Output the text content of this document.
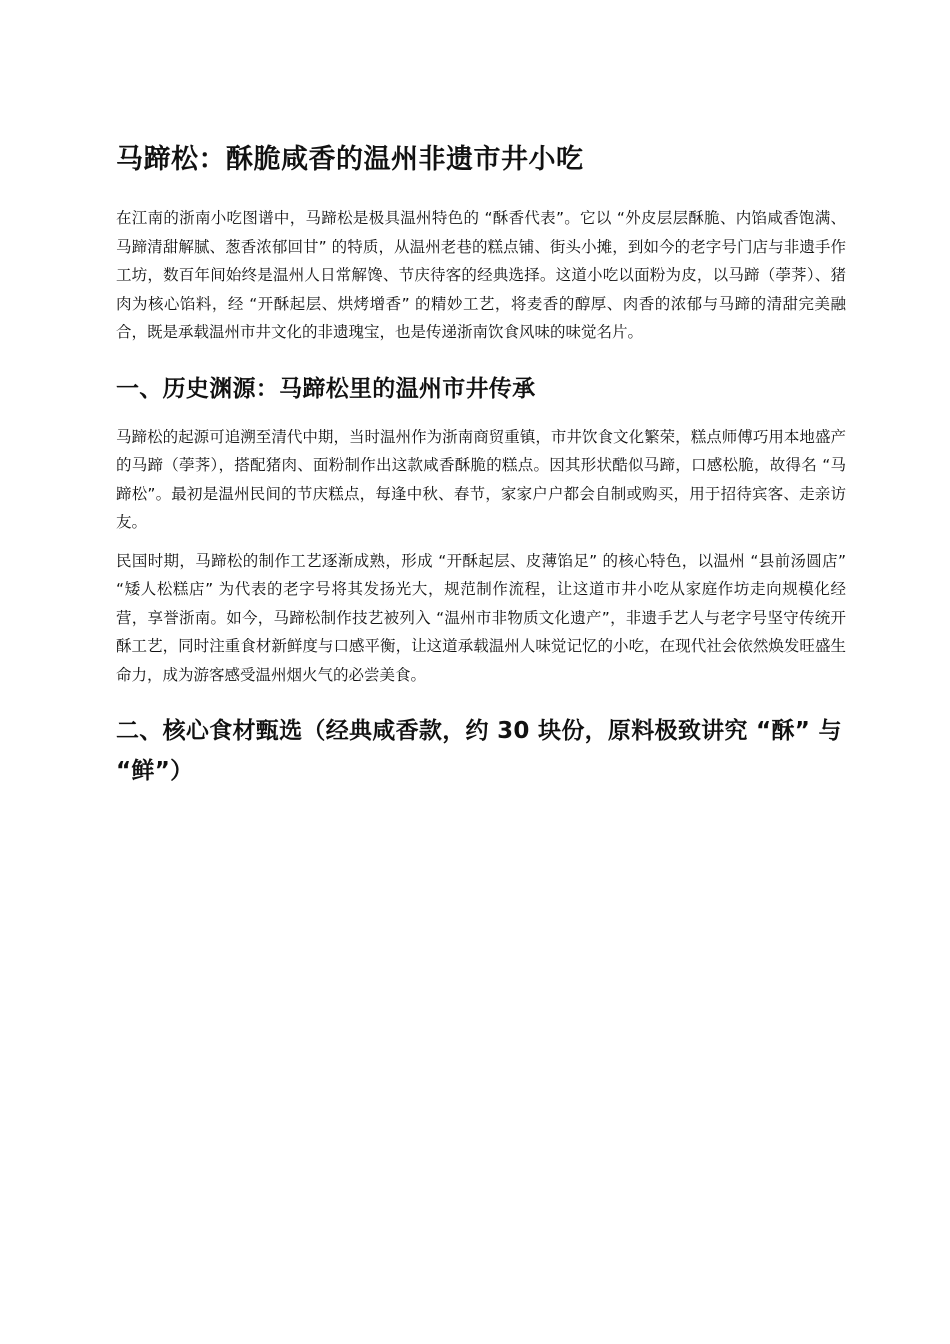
马蹄松：酥脆咸香的温州非遗市井小吃

在江南的浙南小吃图谱中，马蹄松是极具温州特色的 “酥香代表”。它以 “外皮层层酥脆、内馅咸香饱满、马蹄清甜解腻、葱香浓郁回甘” 的特质，从温州老巷的糕点铺、街头小摊，到如今的老字号门店与非遗手作工坊，数百年间始终是温州人日常解馋、节庆待客的经典选择。这道小吃以面粉为皮，以马蹄（荸荠）、猪肉为核心馅料，经 “开酥起层、烘烤增香” 的精妙工艺，将麦香的醇厚、肉香的浓郁与马蹄的清甜完美融合，既是承载温州市井文化的非遗瑰宝，也是传递浙南饮食风味的味觉名片。

一、历史渊源：马蹄松里的温州市井传承

马蹄松的起源可追溯至清代中期，当时温州作为浙南商贸重镇，市井饮食文化繁荣，糕点师傅巧用本地盛产的马蹄（荸荠），搭配猪肉、面粉制作出这款咸香酥脆的糕点。因其形状酷似马蹄，口感松脆，故得名 “马蹄松”。最初是温州民间的节庆糕点，每逢中秋、春节，家家户户都会自制或购买，用于招待宾客、走亲访友。

民国时期，马蹄松的制作工艺逐渐成熟，形成 “开酥起层、皮薄馅足” 的核心特色，以温州 “县前汤圆店” “矮人松糕店” 为代表的老字号将其发扬光大，规范制作流程，让这道市井小吃从家庭作坊走向规模化经营，享誉浙南。如今，马蹄松制作技艺被列入 “温州市非物质文化遗产”，非遗手艺人与老字号坚守传统开酥工艺，同时注重食材新鲜度与口感平衡，让这道承载温州人味觉记忆的小吃，在现代社会依然焕发旺盛生命力，成为游客感受温州烟火气的必尝美食。

二、核心食材甄选（经典咸香款，约 30 块份，原料极致讲究 “酥” 与 “鲜”）
